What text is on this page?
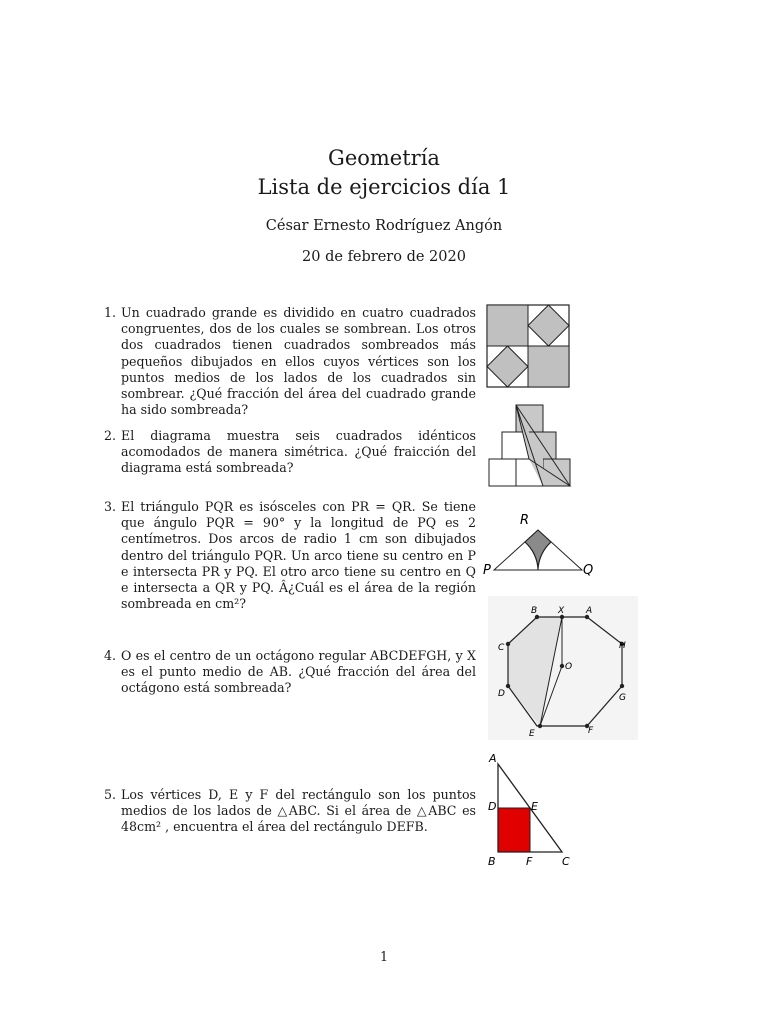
Geometría
Lista de ejercicios día 1
César Ernesto Rodríguez Angón
20 de febrero de 2020
1. Un cuadrado grande es dividido en cuatro cuadrados congruentes, dos de los cuales se sombrean. Los otros dos cuadrados tienen cuadrados sombreados más pequeños dibujados en ellos cuyos vértices son los puntos medios de los lados de los cuadrados sin sombrear. ¿Qué fracción del área del cuadrado grande ha sido sombreada?
2. El diagrama muestra seis cuadrados idénticos acomodados de manera simétrica. ¿Qué fraicción del diagrama está sombreada?
3. El triángulo PQR es isósceles con PR = QR. Se tiene que ángulo PQR = 90° y la longitud de PQ es 2 centímetros. Dos arcos de radio 1 cm son dibujados dentro del triángulo PQR. Un arco tiene su centro en P e intersecta PR y PQ. El otro arco tiene su centro en Q e intersecta a QR y PQ. Â¿Cuál es el área de la región sombreada en cm²?
4. O es el centro de un octágono regular ABCDEFGH, y X es el punto medio de AB. ¿Qué fracción del área del octágono está sombreada?
5. Los vértices D, E y F del rectángulo son los puntos medios de los lados de △ABC. Si el área de △ABC es 48cm² , encuentra el área del rectángulo DEFB.
R
P	Q
B X A
C	H
O
D	G
E	F
A
D	E
B	F	C
1
